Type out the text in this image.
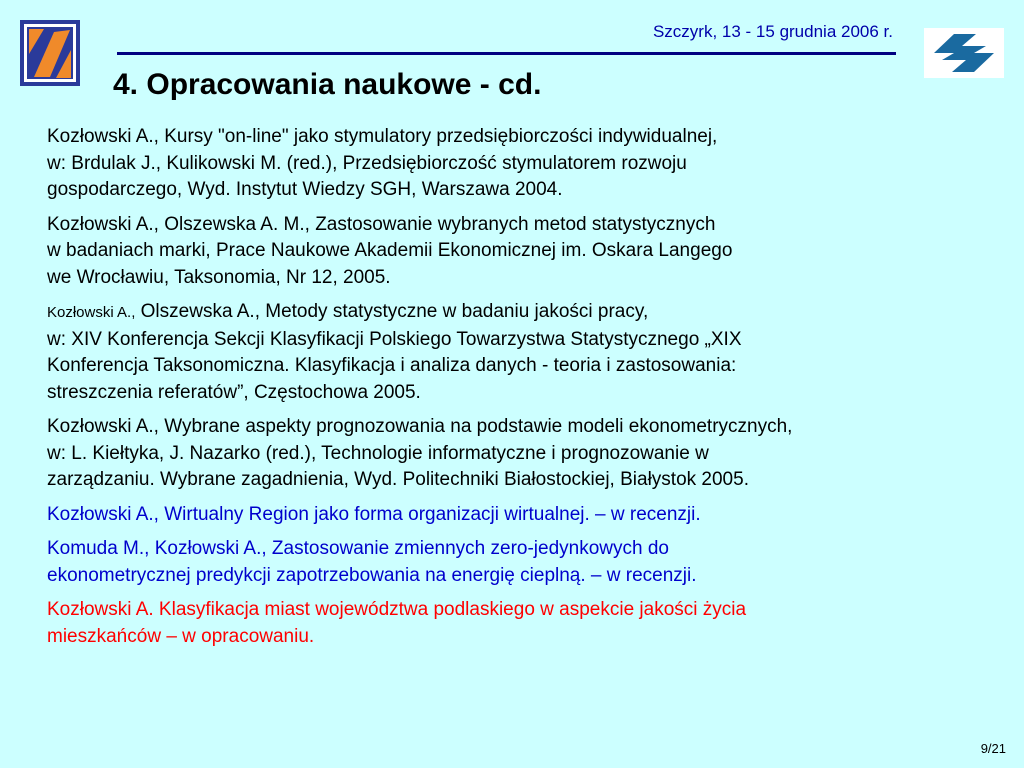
Szczyrk, 13 - 15 grudnia 2006 r.
4. Opracowania naukowe - cd.

Kozłowski A., Kursy "on-line" jako stymulatory przedsiębiorczości indywidualnej,
w: Brdulak J., Kulikowski M. (red.), Przedsiębiorczość stymulatorem rozwoju
gospodarczego, Wyd. Instytut Wiedzy SGH, Warszawa 2004.

Kozłowski A., Olszewska A. M., Zastosowanie wybranych metod statystycznych
w badaniach marki, Prace Naukowe Akademii Ekonomicznej im. Oskara Langego
we Wrocławiu, Taksonomia, Nr 12, 2005.

Kozłowski A., Olszewska A., Metody statystyczne w badaniu jakości pracy,
w: XIV Konferencja Sekcji Klasyfikacji Polskiego Towarzystwa Statystycznego „XIX
Konferencja Taksonomiczna. Klasyfikacja i analiza danych - teoria i zastosowania:
streszczenia referatów”, Częstochowa 2005.

Kozłowski A., Wybrane aspekty prognozowania na podstawie modeli ekonometrycznych,
w: L. Kiełtyka, J. Nazarko (red.), Technologie informatyczne i prognozowanie w
zarządzaniu. Wybrane zagadnienia, Wyd. Politechniki Białostockiej, Białystok 2005.

Kozłowski A., Wirtualny Region jako forma organizacji wirtualnej. – w recenzji.

Komuda M., Kozłowski A., Zastosowanie zmiennych zero-jedynkowych do
ekonometrycznej predykcji zapotrzebowania na energię cieplną. – w recenzji.

Kozłowski A. Klasyfikacja miast województwa podlaskiego w aspekcie jakości życia
mieszkańców – w opracowaniu.

9/21
